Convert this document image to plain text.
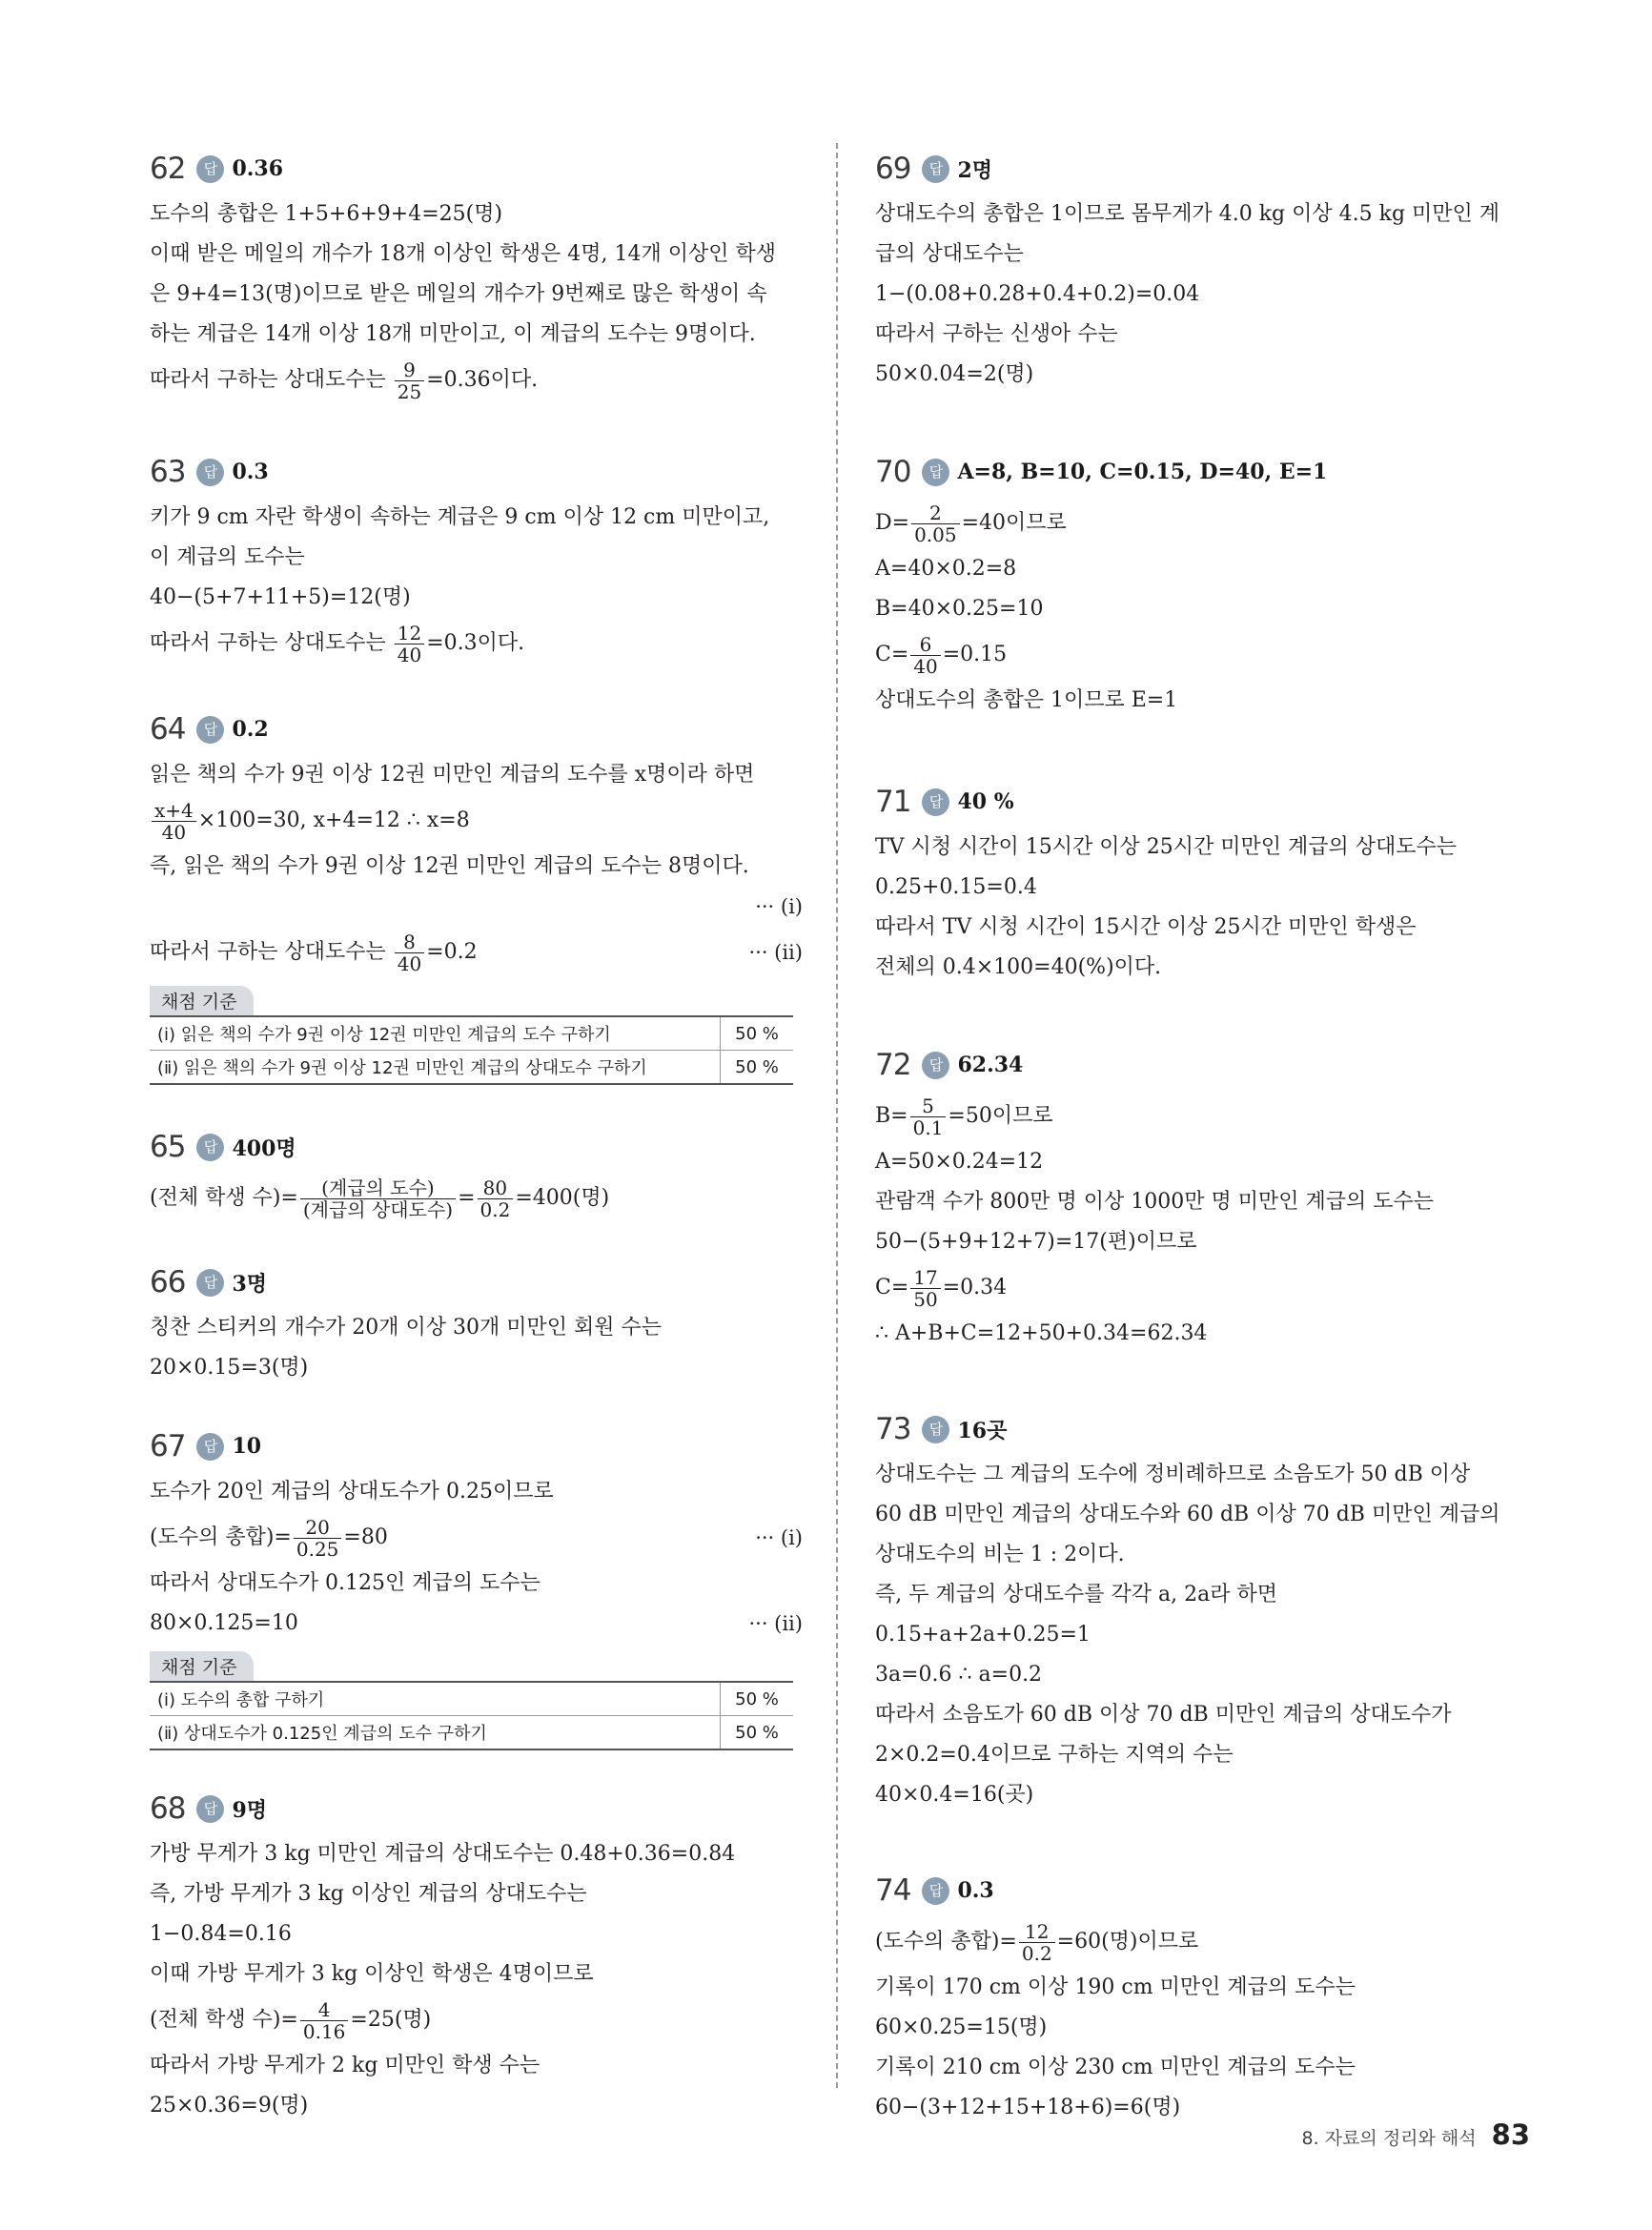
62	답 0.36
도수의 총합은 1+5+6+9+4=25(명)
이때 받은 메일의 개수가 18개 이상인 학생은 4명, 14개 이상인 학생
은 9+4=13(명)이므로 받은 메일의 개수가 9번째로 많은 학생이 속
하는 계급은 14개 이상 18개 미만이고, 이 계급의 도수는 9명이다.
따라서 구하는 상대도수는 $\frac{9}{25} =0.36$이다.
63	답 0.3
키가 9 cm 자란 학생이 속하는 계급은 9 cm 이상 12 cm 미만이고,
이 계급의 도수는
40−(5+7+11+5)=12(명)
따라서 구하는 상대도수는 $\frac{12}{40} =0.3$이다.
64	답 0.2
읽은 책의 수가 9권 이상 12권 미만인 계급의 도수를 x명이라 하면
$\frac{x+4}{40} \times 100=30$, x+4=12 ∴ x=8
즉, 읽은 책의 수가 9권 이상 12권 미만인 계급의 도수는 8명이다.
··· (ⅰ)
따라서 구하는 상대도수는 $\frac{8}{40} =0.2$	··· (ⅱ)
채점 기준
(ⅰ) 읽은 책의 수가 9권 이상 12권 미만인 계급의 도수 구하기	50 %
(ⅱ) 읽은 책의 수가 9권 이상 12권 미만인 계급의 상대도수 구하기	50 %
65	답 400명
(전체 학생 수)= $\frac{\text{(계급의 도수)}}{\text{(계급의 상대도수)}} = \frac{80}{0.2} =400$(명)
66	답 3명
칭찬 스티커의 개수가 20개 이상 30개 미만인 회원 수는
20×0.15=3(명)
67	답 10
도수가 20인 계급의 상대도수가 0.25이므로
(도수의 총합)= $\frac{20}{0.25} =80$	··· (ⅰ)
따라서 상대도수가 0.125인 계급의 도수는
80×0.125=10	··· (ⅱ)
채점 기준
(ⅰ) 도수의 총합 구하기	50 %
(ⅱ) 상대도수가 0.125인 계급의 도수 구하기	50 %
68	답 9명
가방 무게가 3 kg 미만인 계급의 상대도수는 0.48+0.36=0.84
즉, 가방 무게가 3 kg 이상인 계급의 상대도수는
1−0.84=0.16
이때 가방 무게가 3 kg 이상인 학생은 4명이므로
(전체 학생 수)= $\frac{4}{0.16} =25$(명)
따라서 가방 무게가 2 kg 미만인 학생 수는
25×0.36=9(명)
69	답 2명
상대도수의 총합은 1이므로 몸무게가 4.0 kg 이상 4.5 kg 미만인 계
급의 상대도수는
1−(0.08+0.28+0.4+0.2)=0.04
따라서 구하는 신생아 수는
50×0.04=2(명)
70	답 A=8, B=10, C=0.15, D=40, E=1
$D= \frac{2}{0.05} =40$이므로
A=40×0.2=8
B=40×0.25=10
$C= \frac{6}{40} =0.15$
상대도수의 총합은 1이므로 E=1
71	답 40 %
TV 시청 시간이 15시간 이상 25시간 미만인 계급의 상대도수는
0.25+0.15=0.4
따라서 TV 시청 시간이 15시간 이상 25시간 미만인 학생은
전체의 0.4×100=40(%)이다.
72	답 62.34
$B= \frac{5}{0.1} =50$이므로
A=50×0.24=12
관람객 수가 800만 명 이상 1000만 명 미만인 계급의 도수는
50−(5+9+12+7)=17(편)이므로
$C= \frac{17}{50} =0.34$
∴ A+B+C=12+50+0.34=62.34
73	답 16곳
상대도수는 그 계급의 도수에 정비례하므로 소음도가 50 dB 이상
60 dB 미만인 계급의 상대도수와 60 dB 이상 70 dB 미만인 계급의
상대도수의 비는 1 : 2이다.
즉, 두 계급의 상대도수를 각각 a, 2a라 하면
0.15+a+2a+0.25=1
3a=0.6 ∴ a=0.2
따라서 소음도가 60 dB 이상 70 dB 미만인 계급의 상대도수가
2×0.2=0.4이므로 구하는 지역의 수는
40×0.4=16(곳)
74	답 0.3
(도수의 총합)= $\frac{12}{0.2} =60$(명)이므로
기록이 170 cm 이상 190 cm 미만인 계급의 도수는
60×0.25=15(명)
기록이 210 cm 이상 230 cm 미만인 계급의 도수는
60−(3+12+15+18+6)=6(명)
8. 자료의 정리와 해석 83
